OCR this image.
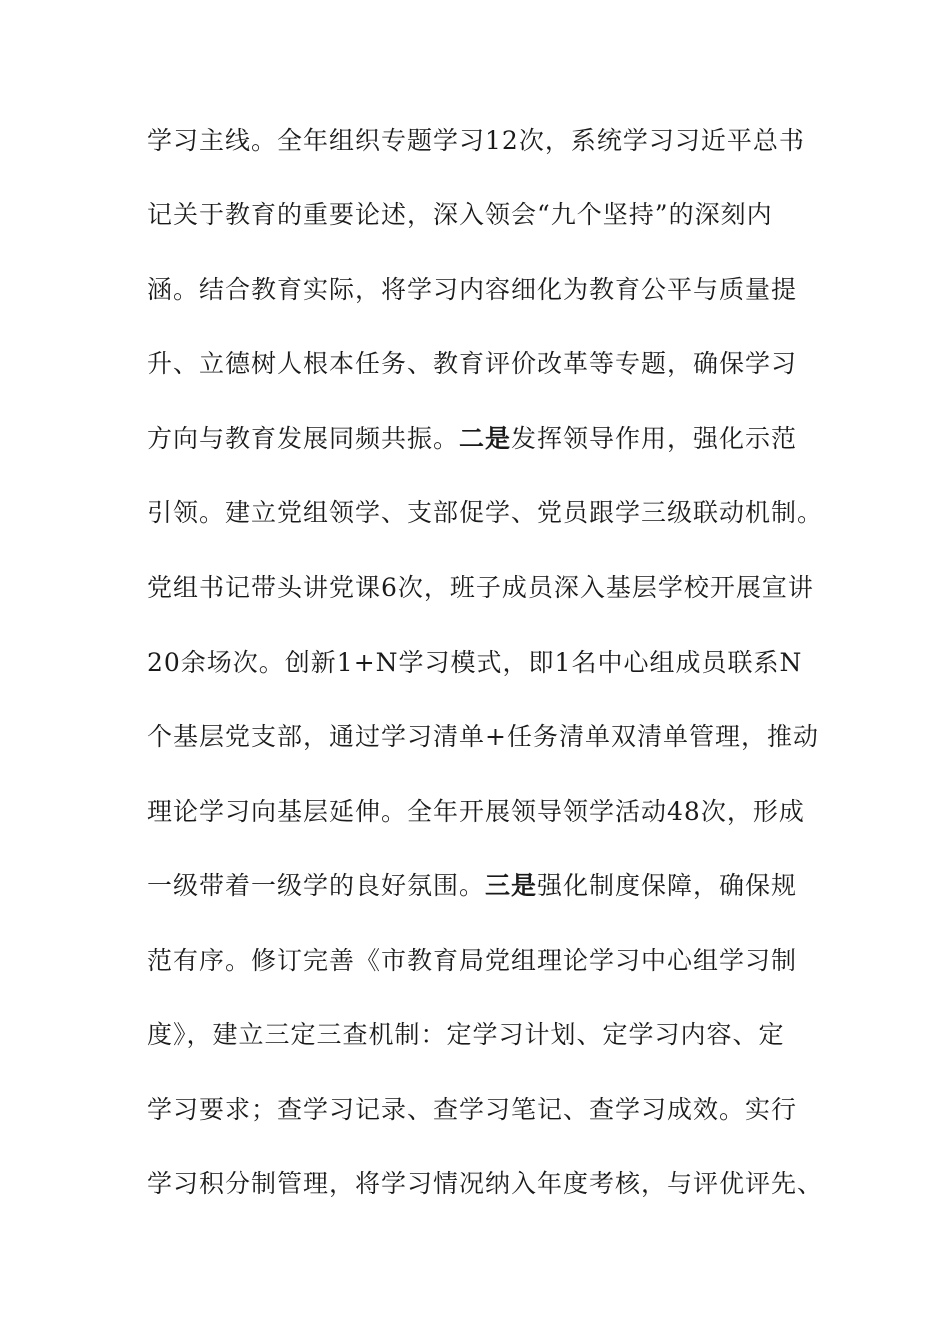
学习主线。全年组织专题学习12次，系统学习习近平总书
记关于教育的重要论述，深入领会“九个坚持”的深刻内
涵。结合教育实际，将学习内容细化为教育公平与质量提
升、立德树人根本任务、教育评价改革等专题，确保学习
方向与教育发展同频共振。二是发挥领导作用，强化示范
引领。建立党组领学、支部促学、党员跟学三级联动机制。
党组书记带头讲党课6次，班子成员深入基层学校开展宣讲
20余场次。创新1+N学习模式，即1名中心组成员联系N
个基层党支部，通过学习清单+任务清单双清单管理，推动
理论学习向基层延伸。全年开展领导领学活动48次，形成
一级带着一级学的良好氛围。三是强化制度保障，确保规
范有序。修订完善《市教育局党组理论学习中心组学习制
度》，建立三定三查机制：定学习计划、定学习内容、定
学习要求；查学习记录、查学习笔记、查学习成效。实行
学习积分制管理，将学习情况纳入年度考核，与评优评先、
